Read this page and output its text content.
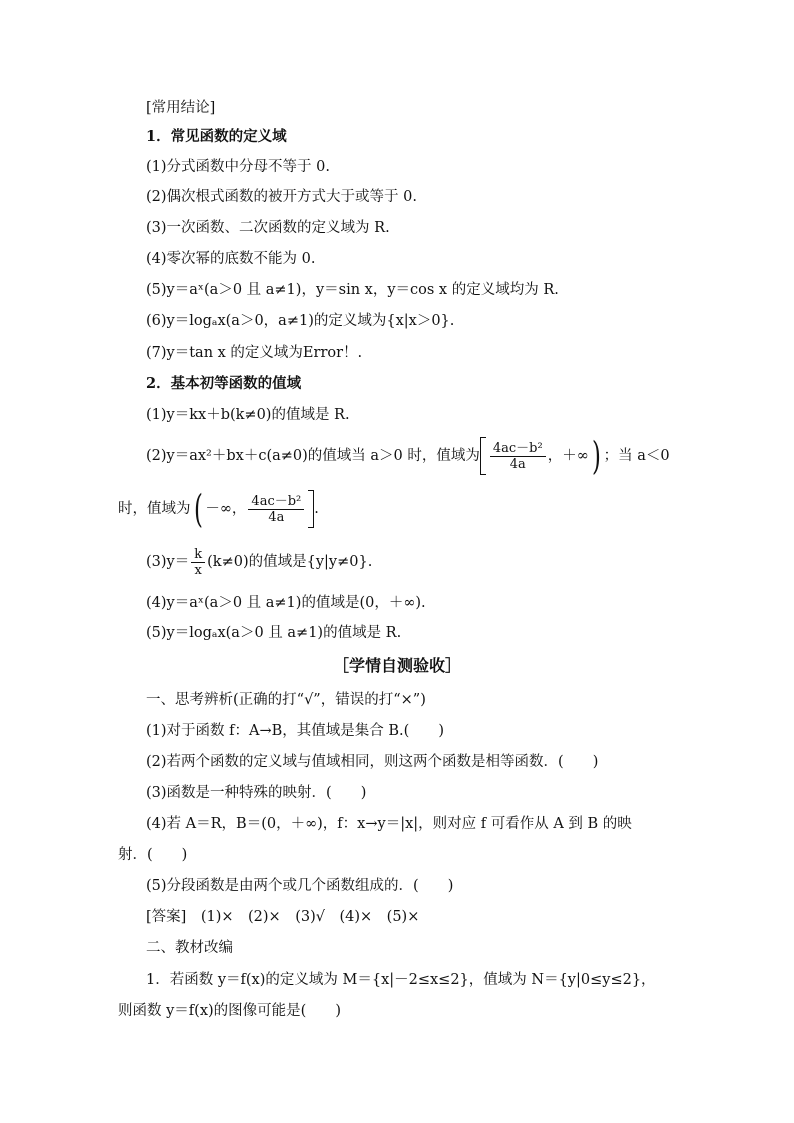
[常用结论]
1．常见函数的定义域
(1)分式函数中分母不等于 0.
(2)偶次根式函数的被开方式大于或等于 0.
(3)一次函数、二次函数的定义域为 R.
(4)零次幂的底数不能为 0.
(5)y＝aˣ(a＞0 且 a≠1)，y＝sin x，y＝cos x 的定义域均为 R.
(6)y＝logₐx(a＞0，a≠1)的定义域为{x|x＞0}.
(7)y＝tan x 的定义域为Error！.
2．基本初等函数的值域
(1)y＝kx＋b(k≠0)的值域是 R.
(2)y＝ax²＋bx＋c(a≠0)的值域当 a＞0 时，值域为 $\frac{\text{4ac－b²}}{4a}$ ，＋∞) ；当 a＜0
时，值域为( －∞， $\frac{\text{4ac－b²}}{4a}$ .
$(3)y= \frac{k}{x} (k\ne 0)$的值域是{y|y≠0}.
(4)y＝aˣ(a＞0 且 a≠1)的值域是(0，＋∞).
(5)y＝logₐx(a＞0 且 a≠1)的值域是 R.
［学情自测验收］
一、思考辨析(正确的打“√”，错误的打“×”)
(1)对于函数 f：A→B，其值域是集合 B.(　　)
(2)若两个函数的定义域与值域相同，则这两个函数是相等函数．(　　)
(3)函数是一种特殊的映射．(　　)
(4)若 A＝R，B＝(0，＋∞)，f：x→y＝|x|，则对应 f 可看作从 A 到 B 的映
射．(　　)
(5)分段函数是由两个或几个函数组成的．(　　)
[答案]　(1)×　(2)×　(3)√　(4)×　(5)×
二、教材改编
1．若函数 y＝f(x)的定义域为 M＝{x|－2≤x≤2}，值域为 N＝{y|0≤y≤2}，
则函数 y＝f(x)的图像可能是(　　)
